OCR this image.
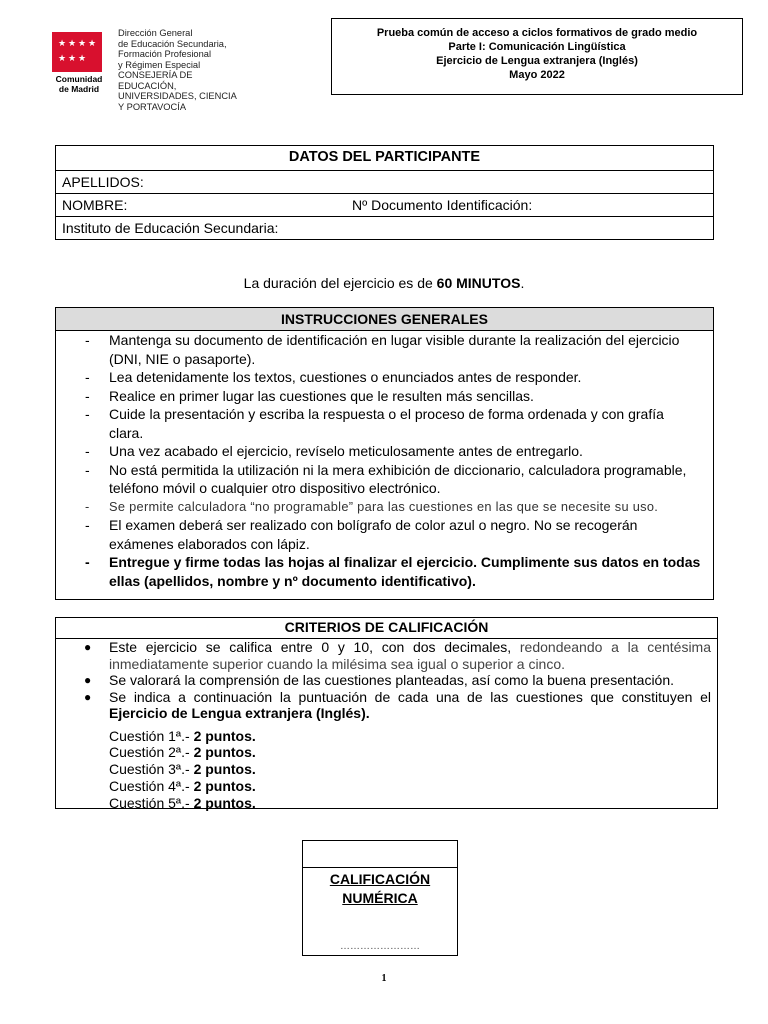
★ ★ ★ ★
★ ★ ★
Comunidad
de Madrid
Dirección General
de Educación Secundaria,
Formación Profesional
y Régimen Especial
CONSEJERÍA DE EDUCACIÓN,
UNIVERSIDADES, CIENCIA
Y PORTAVOCÍA
Prueba común de acceso a ciclos formativos de grado medio
Parte I: Comunicación Lingüística
Ejercicio de Lengua extranjera (Inglés)
Mayo 2022
DATOS DEL PARTICIPANTE
APELLIDOS:
NOMBRE:	Nº Documento Identificación:
Instituto de Educación Secundaria:
La duración del ejercicio es de 60 MINUTOS.
INSTRUCCIONES GENERALES
- Mantenga su documento de identificación en lugar visible durante la realización del ejercicio (DNI, NIE o pasaporte).
- Lea detenidamente los textos, cuestiones o enunciados antes de responder.
- Realice en primer lugar las cuestiones que le resulten más sencillas.
- Cuide la presentación y escriba la respuesta o el proceso de forma ordenada y con grafía clara.
- Una vez acabado el ejercicio, revíselo meticulosamente antes de entregarlo.
- No está permitida la utilización ni la mera exhibición de diccionario, calculadora programable, teléfono móvil o cualquier otro dispositivo electrónico.
- Se permite calculadora “no programable” para las cuestiones en las que se necesite su uso.
- El examen deberá ser realizado con bolígrafo de color azul o negro. No se recogerán exámenes elaborados con lápiz.
- Entregue y firme todas las hojas al finalizar el ejercicio. Cumplimente sus datos en todas ellas (apellidos, nombre y nº documento identificativo).
CRITERIOS DE CALIFICACIÓN
● Este ejercicio se califica entre 0 y 10, con dos decimales, redondeando a la centésima inmediatamente superior cuando la milésima sea igual o superior a cinco.
● Se valorará la comprensión de las cuestiones planteadas, así como la buena presentación.
● Se indica a continuación la puntuación de cada una de las cuestiones que constituyen el Ejercicio de Lengua extranjera (Inglés).
Cuestión 1ª.- 2 puntos.
Cuestión 2ª.- 2 puntos.
Cuestión 3ª.- 2 puntos.
Cuestión 4ª.- 2 puntos.
Cuestión 5ª.- 2 puntos.
CALIFICACIÓN
NUMÉRICA
……………………
1
